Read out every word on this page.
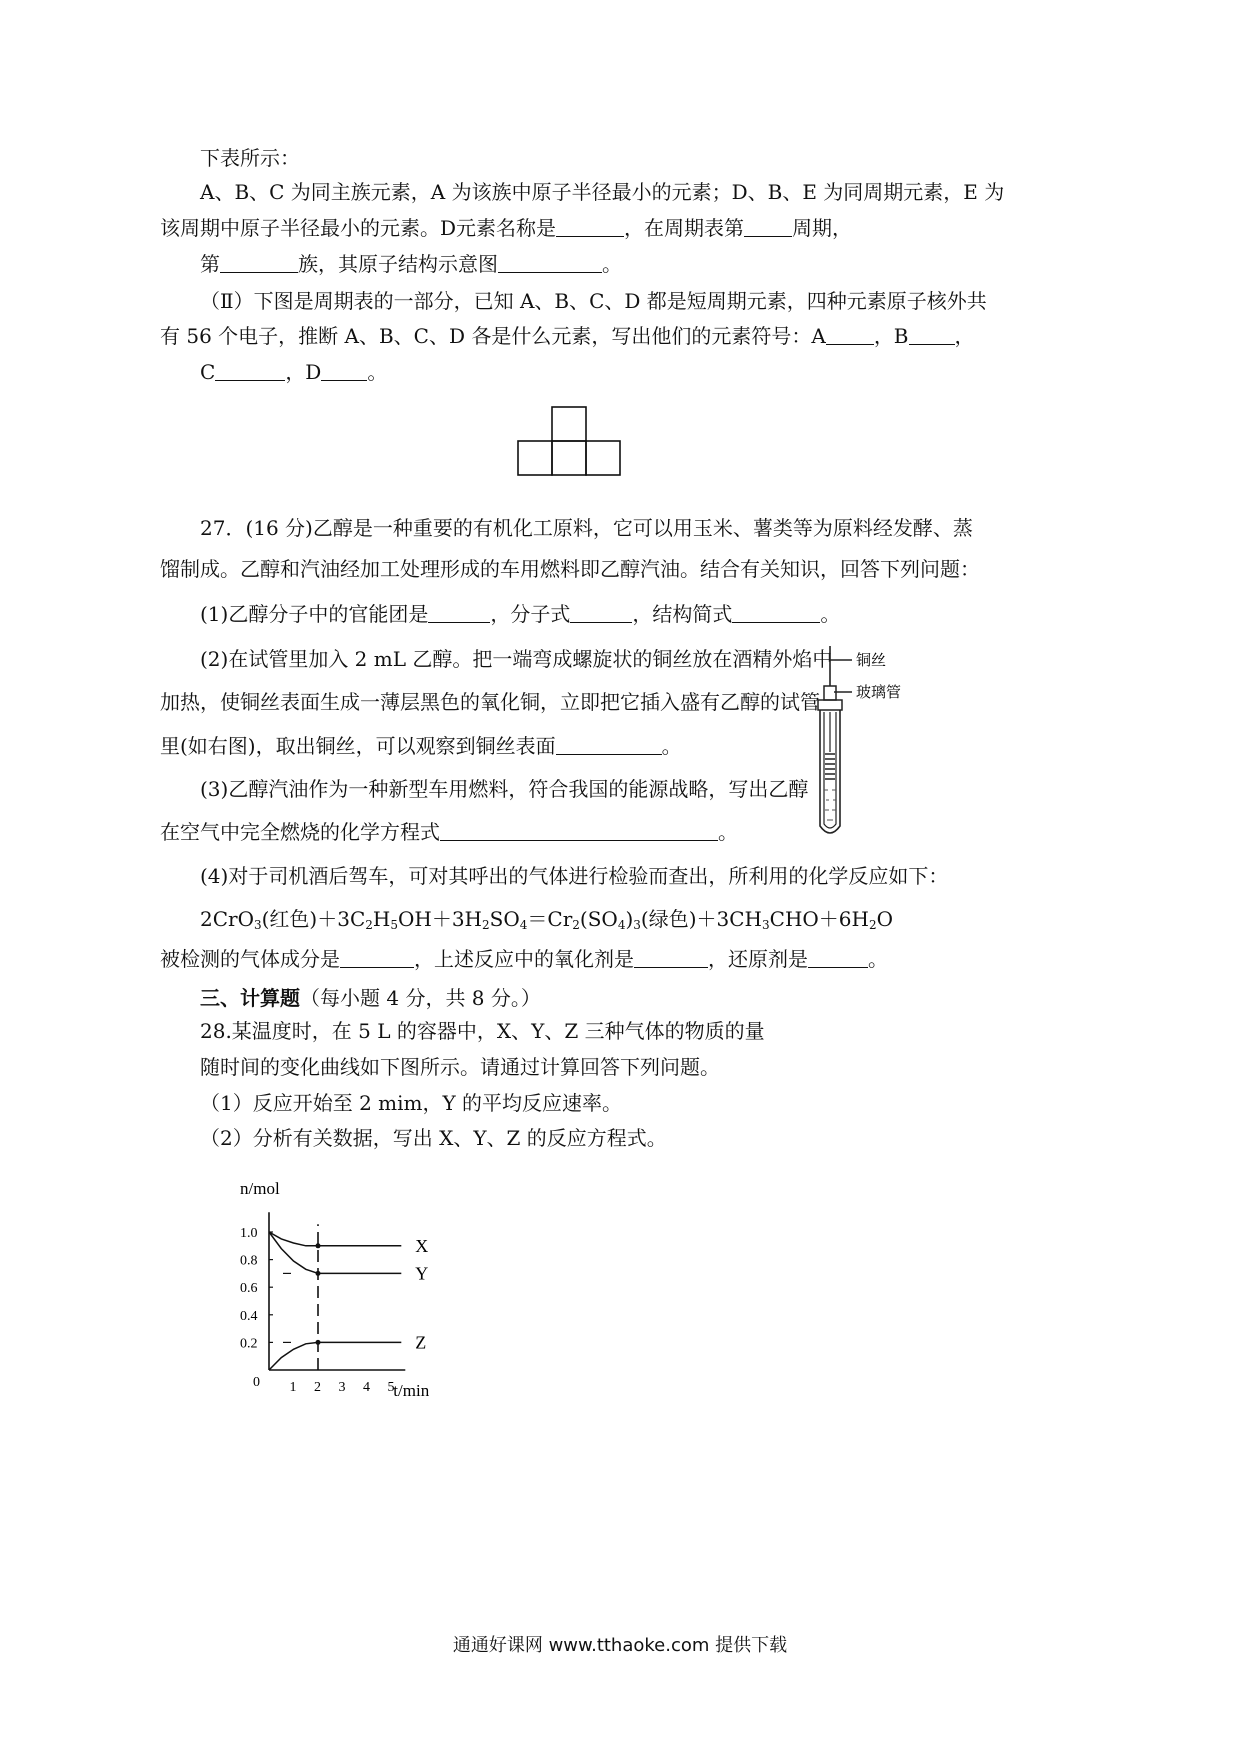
下表所示：
A、B、C 为同主族元素，A 为该族中原子半径最小的元素；D、B、E 为同周期元素，E 为
该周期中原子半径最小的元素。D元素名称是	，在周期表第 周期，
第	族，其原子结构示意图	。
（Ⅱ）下图是周期表的一部分，已知 A、B、C、D 都是短周期元素，四种元素原子核外共
有 56 个电子，推断 A、B、C、D 各是什么元素，写出他们的元素符号：A ，B ，
C	，D 。
27．(16 分)乙醇是一种重要的有机化工原料，它可以用玉米、薯类等为原料经发酵、蒸
馏制成。乙醇和汽油经加工处理形成的车用燃料即乙醇汽油。结合有关知识，回答下列问题：
(1)乙醇分子中的官能团是	，分子式	，结构简式	。
(2)在试管里加入 2 mL 乙醇。把一端弯成螺旋状的铜丝放在酒精外焰中
加热，使铜丝表面生成一薄层黑色的氧化铜，立即把它插入盛有乙醇的试管
里(如右图)，取出铜丝，可以观察到铜丝表面	。
(3)乙醇汽油作为一种新型车用燃料，符合我国的能源战略，写出乙醇
在空气中完全燃烧的化学方程式	。
(4)对于司机酒后驾车，可对其呼出的气体进行检验而查出，所利用的化学反应如下：
2CrO$_3$(红色)$+3C_2H_5OH+3H_2SO_4=Cr_2(SO_4)_3$(绿色)$+3CH_3CHO+6H_2O$
被检测的气体成分是	，上述反应中的氧化剂是	，还原剂是	。
铜丝
玻璃管
三、计算题（每小题 4 分，共 8 分。）
28.某温度时，在 5 L 的容器中，X、Y、Z 三种气体的物质的量
随时间的变化曲线如下图所示。请通过计算回答下列问题。
（1）反应开始至 2 mim，Y 的平均反应速率。
（2）分析有关数据，写出 X、Y、Z 的反应方程式。
n/mol
t/min
0 1 2 3 4 5
1.0
0.8
0.6
0.4
0.2
X
Y
Z
通通好课网 www.tthaoke.com 提供下载
